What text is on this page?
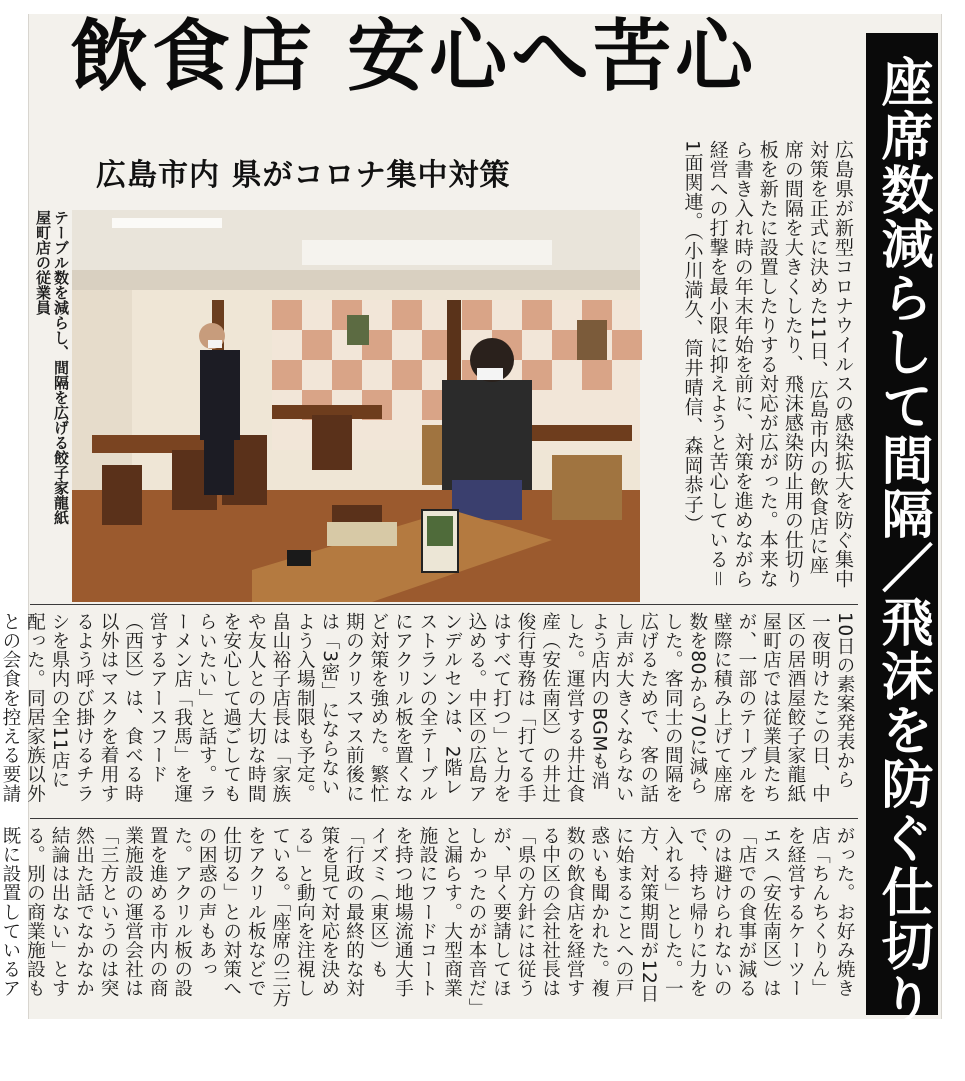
飲食店 安心へ苦心
広島市内 県がコロナ集中対策	座席数減らして間隔／飛沫を防ぐ仕切り板
広島県が新型コロナウイルスの感染拡大を防ぐ集中対策を正式に決めた11日、広島市内の飲食店に座席の間隔を大きくしたり、飛沫感染防止用の仕切り板を新たに設置したりする対応が広がった。本来なら書き入れ時の年末年始を前に、対策を進めながら経営への打撃を最小限に抑えようと苦心している＝1面関連。（小川満久、筒井晴信、森岡恭子）
テーブル数を減らし、間隔を広げる餃子家龍紙屋町店の従業員
10日の素案発表から一夜明けたこの日、中区の居酒屋餃子家龍紙屋町店では従業員たちが、一部のテーブルを壁際に積み上げて座席数を80から70に減らした。客同士の間隔を広げるためで、客の話し声が大きくならないよう店内のBGMも消した。運営する井辻食産（安佐南区）の井辻俊行専務は「打てる手はすべて打つ」と力を込める。中区の広島アンデルセンは、2階レストランの全テーブルにアクリル板を置くなど対策を強めた。繁忙期のクリスマス前後には「3密」にならないよう入場制限も予定。畠山裕子店長は「家族や友人との大切な時間を安心して過ごしてもらいたい」と話す。ラーメン店「我馬」を運営するアースフード（西区）は、食べる時以外はマスクを着用するよう呼び掛けるチラシを県内の全11店に配った。同居家族以外との会食を控える要請
がった。お好み焼き店「ちんちくりん」を経営するケーツーエス（安佐南区）は「店での食事が減るのは避けられないので、持ち帰りに力を入れる」とした。一方、対策期間が12日に始まることへの戸惑いも聞かれた。複数の飲食店を経営する中区の会社社長は「県の方針には従うが、早く要請してほしかったのが本音だ」と漏らす。大型商業施設にフードコートを持つ地場流通大手イズミ（東区）も「行政の最終的な対策を見て対応を決める」と動向を注視している。「座席の三方をアクリル板などで仕切る」との対策への困惑の声もあった。アクリル板の設置を進める市内の商業施設の運営会社は「三方というのは突然出た話でなかなか結論は出ない」とする。別の商業施設も既に設置しているア
